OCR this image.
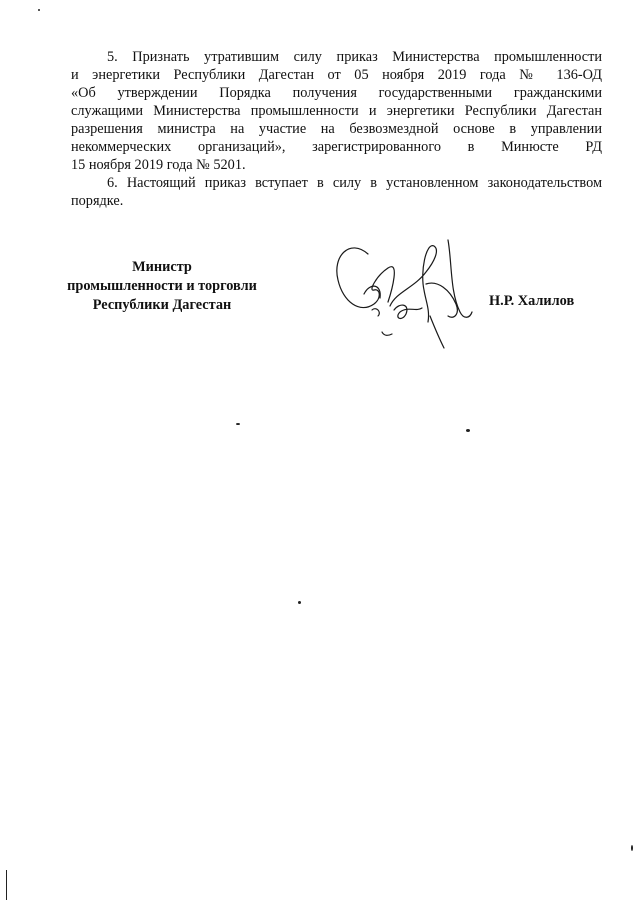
5. Признать утратившим силу приказ Министерства промышленности
и энергетики Республики Дагестан от 05 ноября 2019 года № 136-ОД
«Об утверждении Порядка получения государственными гражданскими
служащими Министерства промышленности и энергетики Республики Дагестан
разрешения министра на участие на безвозмездной основе в управлении
некоммерческих организаций», зарегистрированного в Минюсте РД
15 ноября 2019 года № 5201.
6. Настоящий приказ вступает в силу в установленном законодательством
порядке.
Министр
промышленности и торговли
Республики Дагестан	Н.Р. Халилов
